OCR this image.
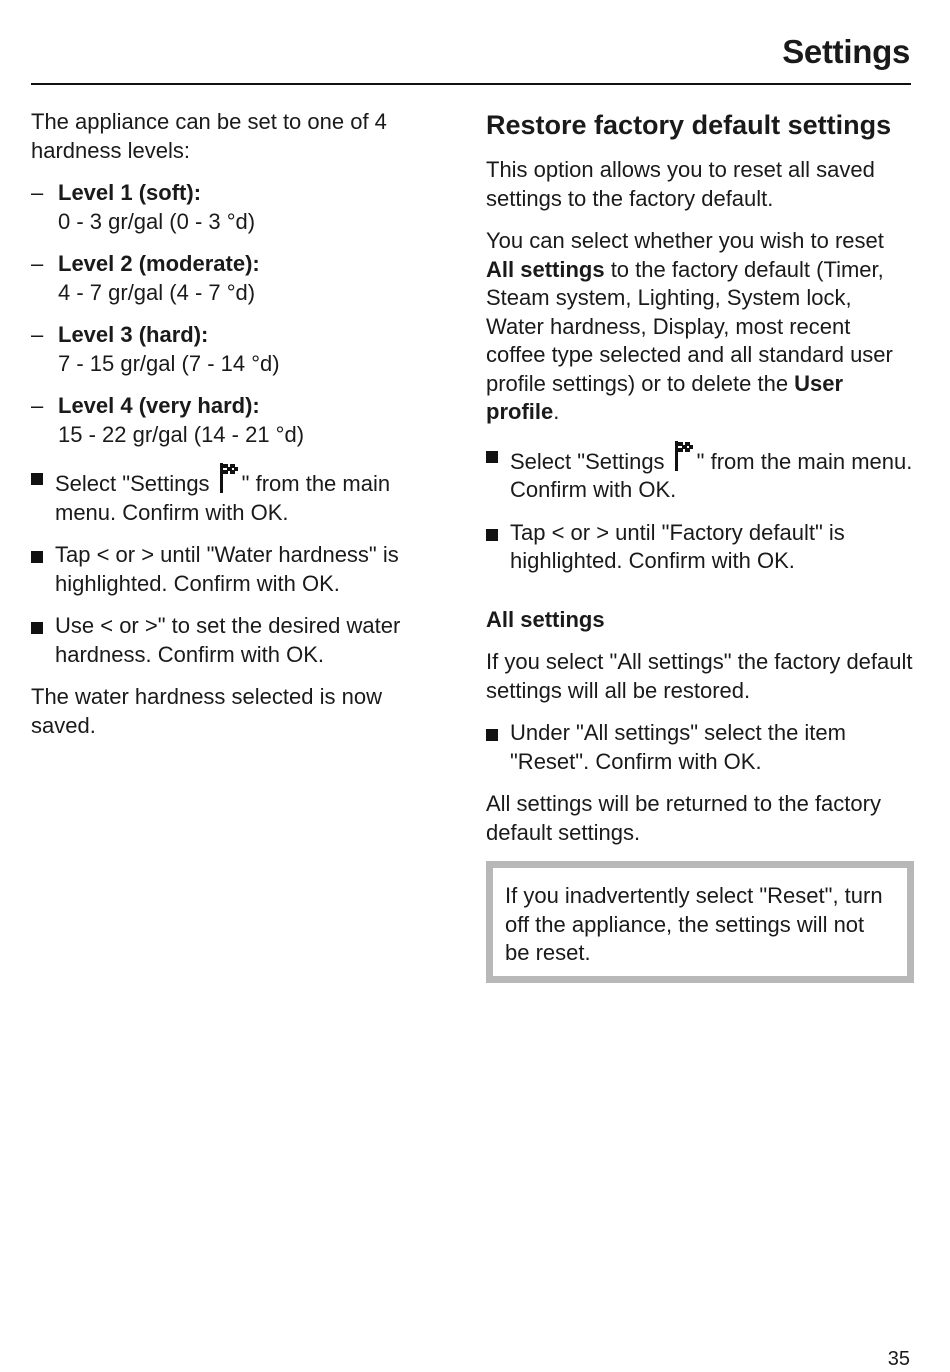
Settings

The appliance can be set to one of 4 hardness levels:

– Level 1 (soft):
0 - 3 gr/gal (0 - 3 °d)
– Level 2 (moderate):
4 - 7 gr/gal (4 - 7 °d)
– Level 3 (hard):
7 - 15 gr/gal (7 - 14 °d)
– Level 4 (very hard):
15 - 22 gr/gal (14 - 21 °d)
Select "Settings " from the main menu. Confirm with OK.
Tap < or > until "Water hardness" is highlighted. Confirm with OK.
Use < or >" to set the desired water hardness. Confirm with OK.

The water hardness selected is now saved.

Restore factory default settings

This option allows you to reset all saved settings to the factory default.

You can select whether you wish to reset All settings to the factory default (Timer, Steam system, Lighting, System lock, Water hardness, Display, most recent coffee type selected and all standard user profile settings) or to delete the User profile.

Select "Settings " from the main menu. Confirm with OK.
Tap < or > until "Factory default" is highlighted. Confirm with OK.
All settings

If you select "All settings" the factory default settings will all be restored.

Under "All settings" select the item "Reset". Confirm with OK.

All settings will be returned to the factory default settings.

If you inadvertently select "Reset", turn off the appliance, the settings will not be reset.
35
